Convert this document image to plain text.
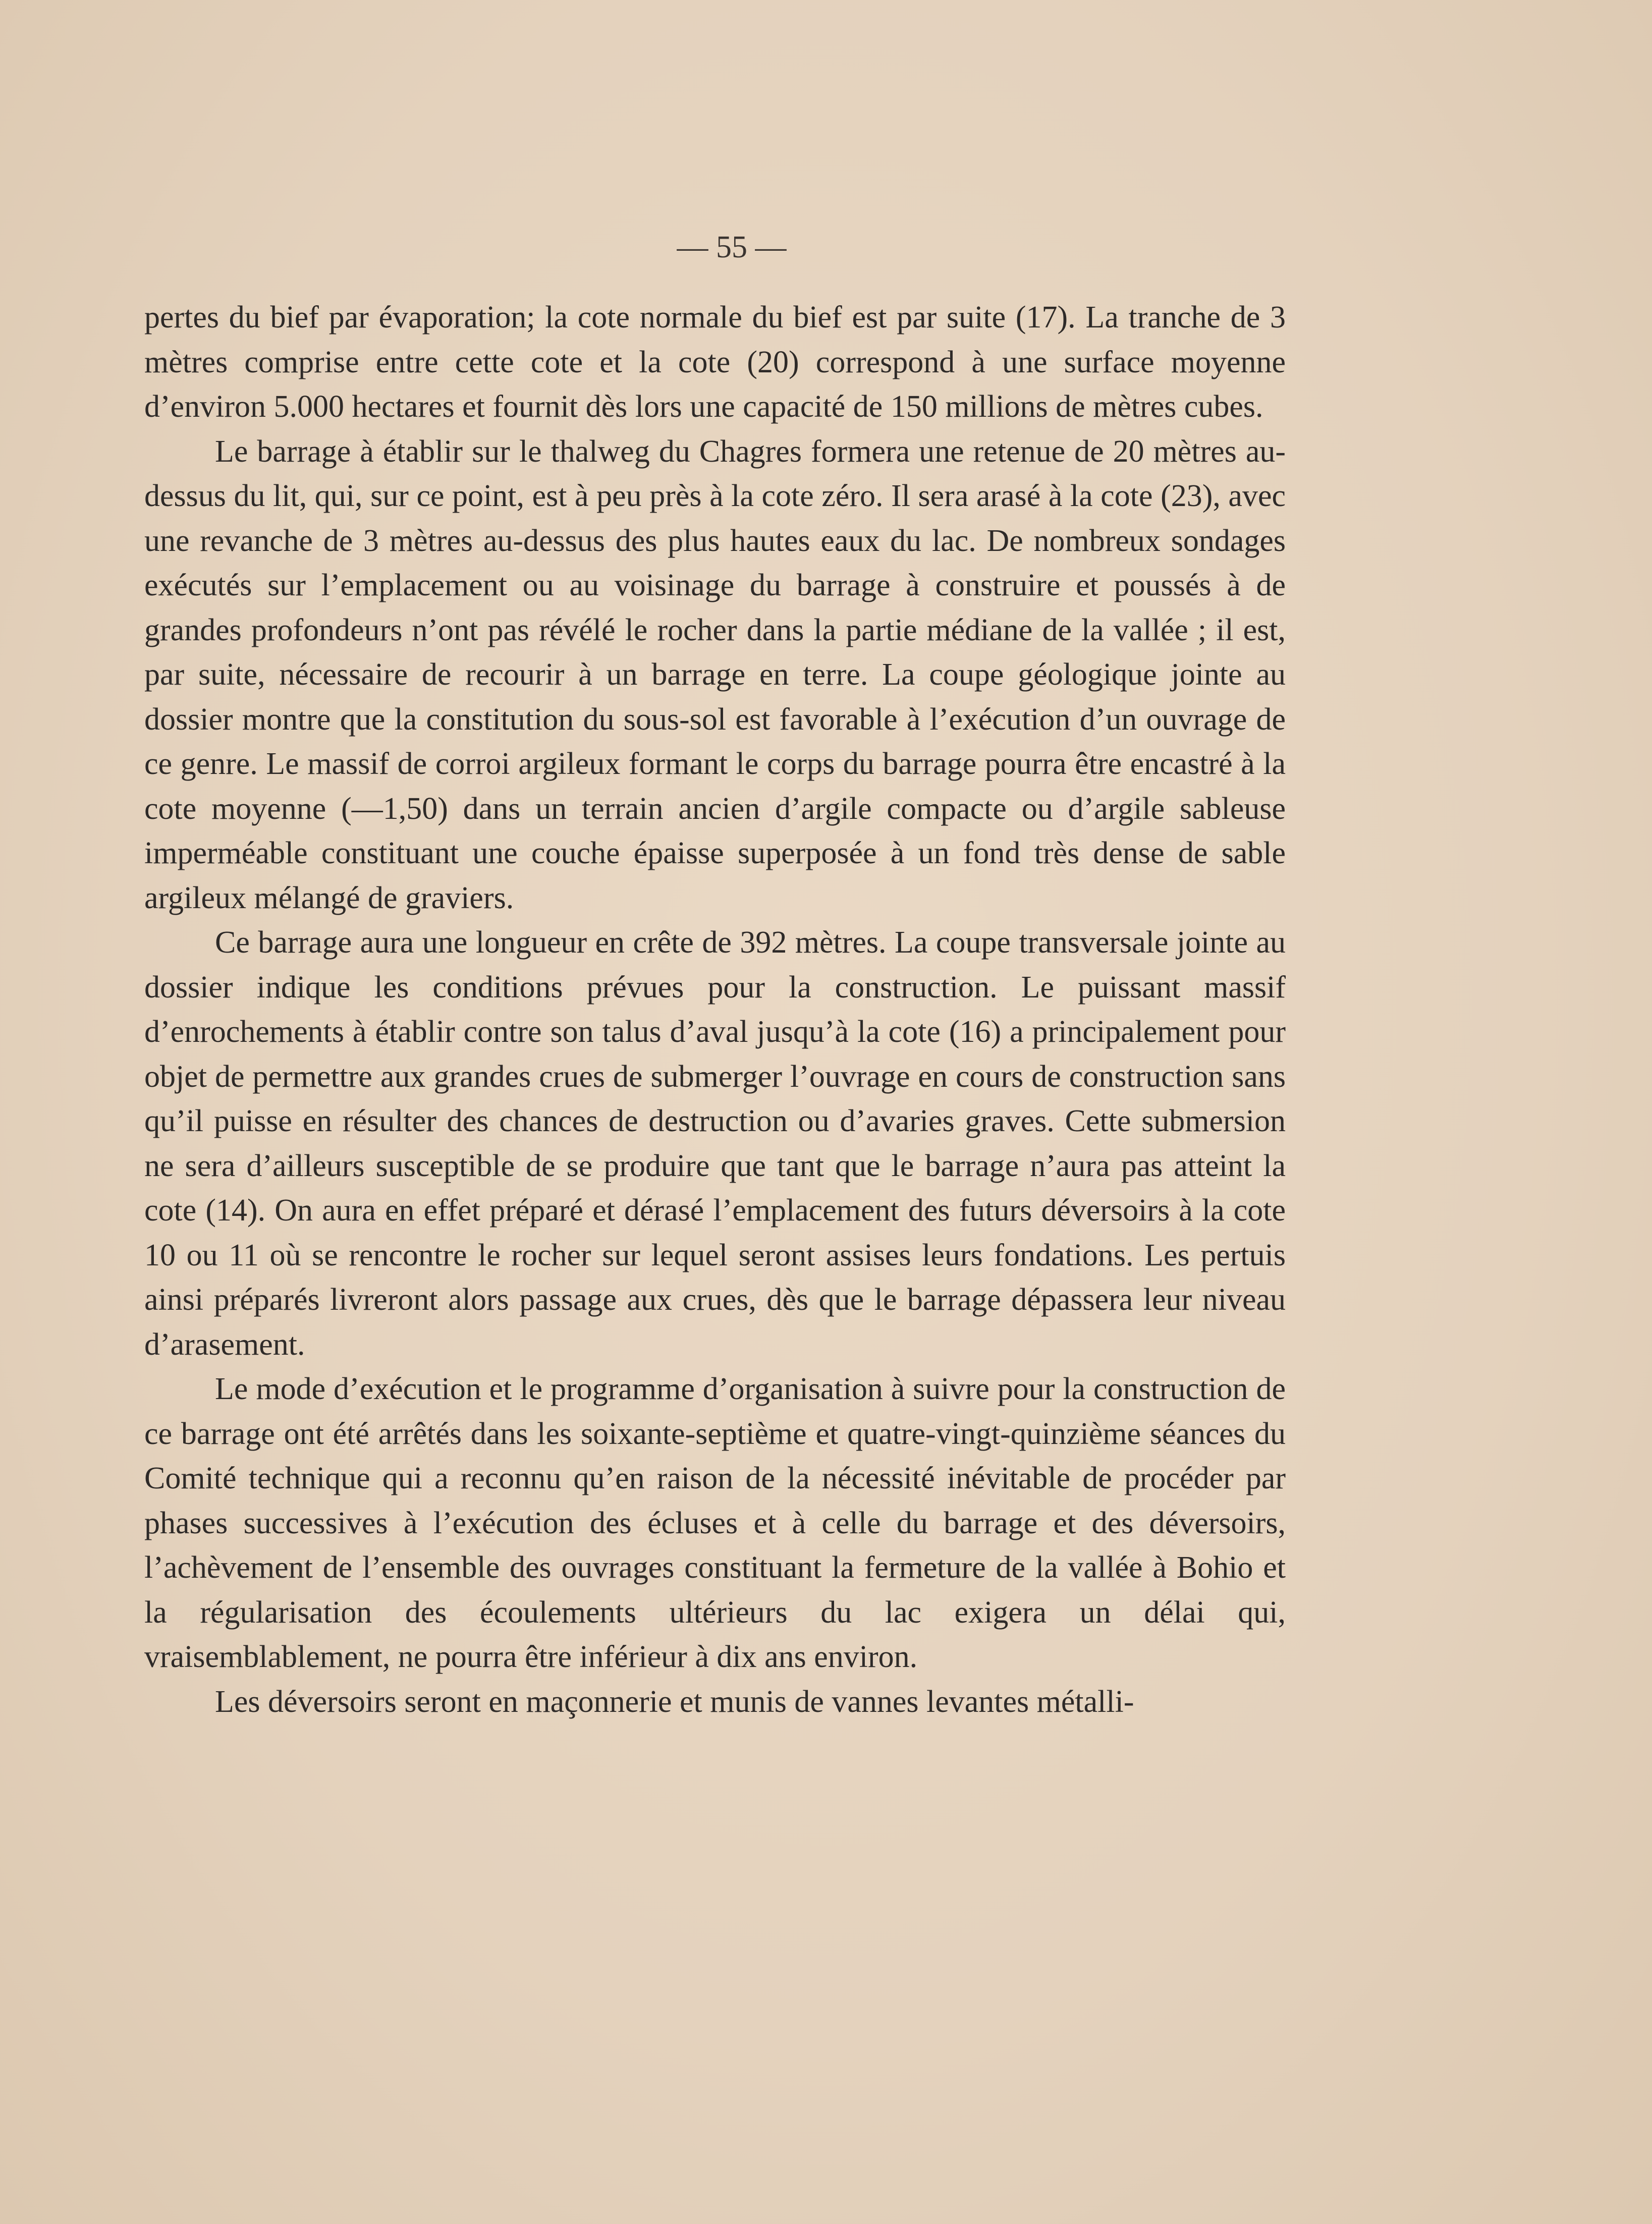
— 55 —

pertes du bief par évaporation; la cote normale du bief est par suite (17). La tranche de 3 mètres comprise entre cette cote et la cote (20) correspond à une surface moyenne d’environ 5.000 hectares et fournit dès lors une capacité de 150 millions de mètres cubes.

Le barrage à établir sur le thalweg du Chagres formera une retenue de 20 mètres au-dessus du lit, qui, sur ce point, est à peu près à la cote zéro. Il sera arasé à la cote (23), avec une revanche de 3 mètres au-dessus des plus hautes eaux du lac. De nombreux sondages exécutés sur l’emplacement ou au voisinage du barrage à construire et poussés à de grandes profondeurs n’ont pas révélé le rocher dans la partie médiane de la vallée ; il est, par suite, nécessaire de recourir à un barrage en terre. La coupe géologique jointe au dossier montre que la constitution du sous-sol est favorable à l’exécution d’un ouvrage de ce genre. Le massif de corroi argileux formant le corps du barrage pourra être encastré à la cote moyenne (—1,50) dans un terrain ancien d’argile compacte ou d’argile sableuse imperméable constituant une couche épaisse superposée à un fond très dense de sable argileux mélangé de graviers.

Ce barrage aura une longueur en crête de 392 mètres. La coupe transversale jointe au dossier indique les conditions prévues pour la construction. Le puissant massif d’enrochements à établir contre son talus d’aval jusqu’à la cote (16) a principalement pour objet de permettre aux grandes crues de submerger l’ouvrage en cours de construction sans qu’il puisse en résulter des chances de destruction ou d’avaries graves. Cette submersion ne sera d’ailleurs susceptible de se produire que tant que le barrage n’aura pas atteint la cote (14). On aura en effet préparé et dérasé l’emplacement des futurs déversoirs à la cote 10 ou 11 où se rencontre le rocher sur lequel seront assises leurs fondations. Les pertuis ainsi préparés livreront alors passage aux crues, dès que le barrage dépassera leur niveau d’arasement.

Le mode d’exécution et le programme d’organisation à suivre pour la construction de ce barrage ont été arrêtés dans les soixante-septième et quatre-vingt-quinzième séances du Comité technique qui a reconnu qu’en raison de la nécessité inévitable de procéder par phases successives à l’exécution des écluses et à celle du barrage et des déversoirs, l’achèvement de l’ensemble des ouvrages constituant la fermeture de la vallée à Bohio et la régularisation des écoulements ultérieurs du lac exigera un délai qui, vraisemblablement, ne pourra être inférieur à dix ans environ.

Les déversoirs seront en maçonnerie et munis de vannes levantes métalli-
